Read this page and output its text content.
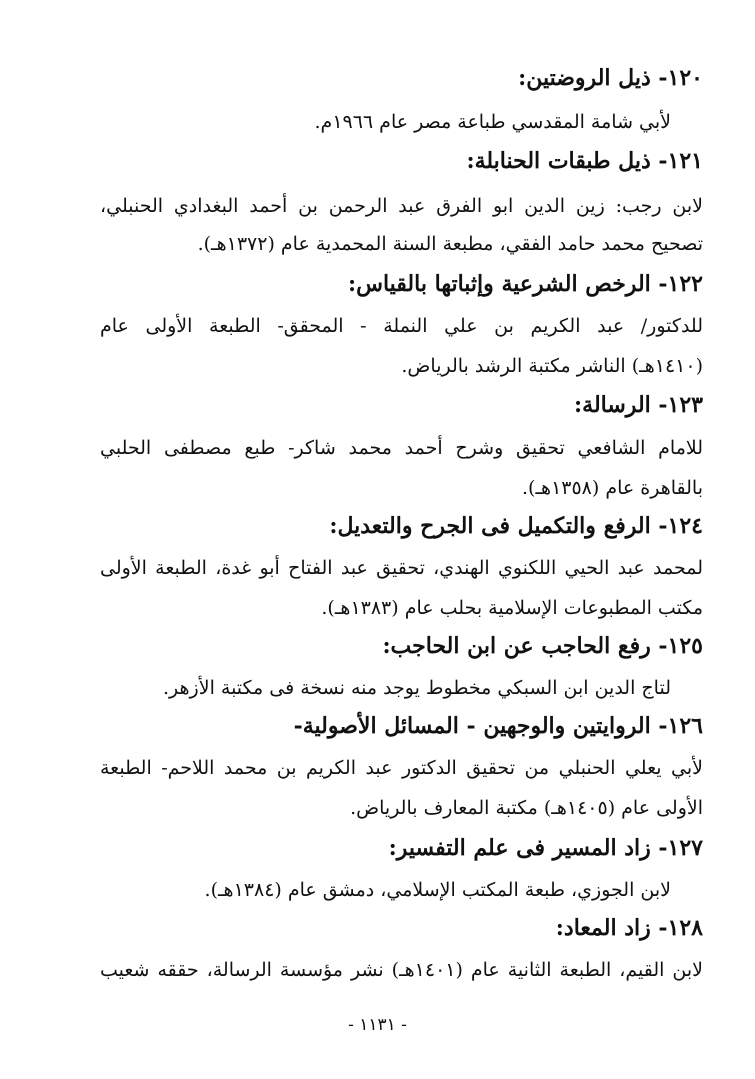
١٢٠- ذيل الروضتين:
لأبي شامة المقدسي طباعة مصر عام ١٩٦٦م.
١٢١- ذيل طبقات الحنابلة:
لابن رجب: زين الدين ابو الفرق عبد الرحمن بن أحمد البغدادي الحنبلي،
تصحيح محمد حامد الفقي، مطبعة السنة المحمدية عام (١٣٧٢هـ).
١٢٢- الرخص الشرعية وإثباتها بالقياس:
للدكتور/ عبد الكريم بن علي النملة - المحقق- الطبعة الأولى عام
(١٤١٠هـ) الناشر مكتبة الرشد بالرياض.
١٢٣- الرسالة:
للامام الشافعي تحقيق وشرح أحمد محمد شاكر- طبع مصطفى الحلبي
بالقاهرة عام (١٣٥٨هـ).
١٢٤- الرفع والتكميل فى الجرح والتعديل:
لمحمد عبد الحيي اللكنوي الهندي، تحقيق عبد الفتاح أبو غدة، الطبعة الأولى
مكتب المطبوعات الإسلامية بحلب عام (١٣٨٣هـ).
١٢٥- رفع الحاجب عن ابن الحاجب:
لتاج الدين ابن السبكي مخطوط يوجد منه نسخة فى مكتبة الأزهر.
١٢٦- الروايتين والوجهين - المسائل الأصولية-
لأبي يعلي الحنبلي من تحقيق الدكتور عبد الكريم بن محمد اللاحم- الطبعة
الأولى عام (١٤٠٥هـ) مكتبة المعارف بالرياض.
١٢٧- زاد المسير فى علم التفسير:
لابن الجوزي، طبعة المكتب الإسلامي، دمشق عام (١٣٨٤هـ).
١٢٨- زاد المعاد:
لابن القيم، الطبعة الثانية عام (١٤٠١هـ) نشر مؤسسة الرسالة، حققه شعيب
- ١١٣١ -
